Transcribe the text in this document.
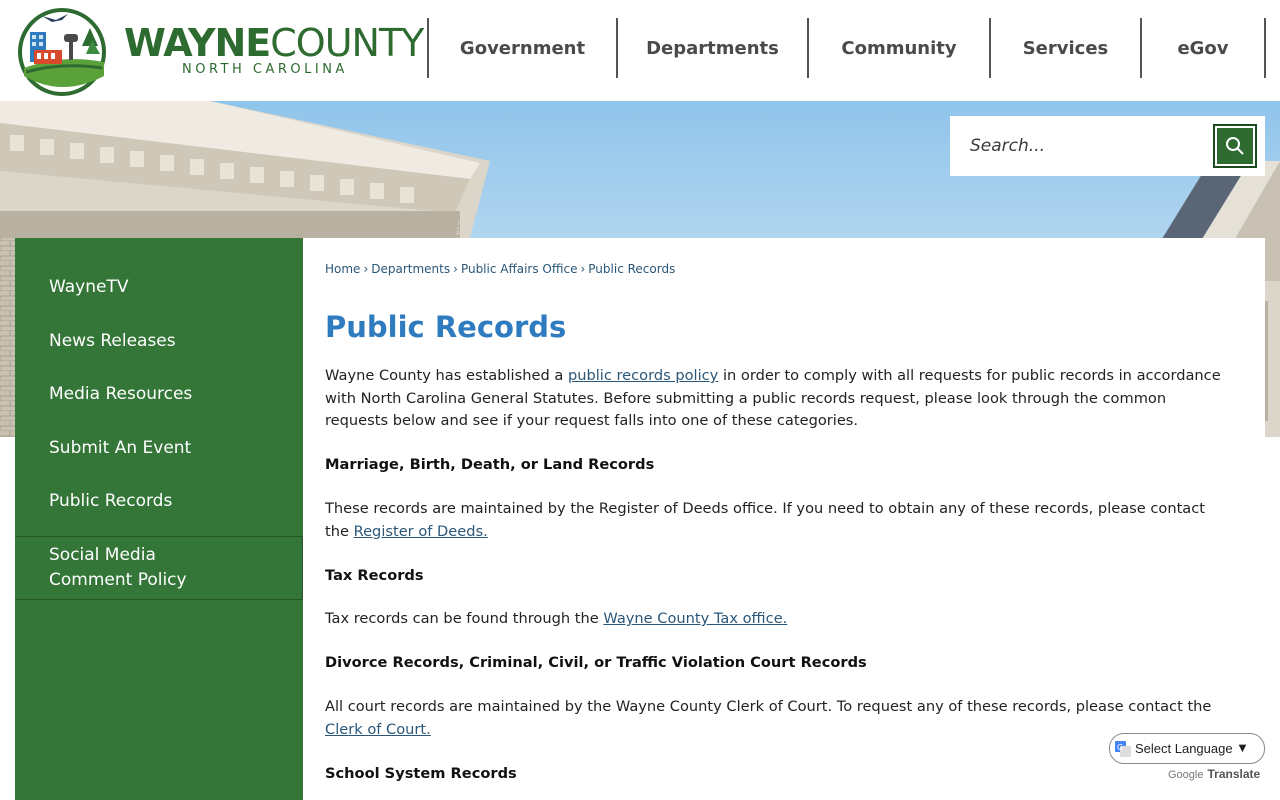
WAYNECOUNTY
NORTH CAROLINA
Government	Departments	Community	Services	eGov
Search...
WayneTV
News Releases
Media Resources
Submit An Event
Public Records
Social Media Comment Policy
Home › Departments › Public Affairs Office › Public Records
Public Records

Wayne County has established a public records policy in order to comply with all requests for public records in accordance with North Carolina General Statutes. Before submitting a public records request, please look through the common requests below and see if your request falls into one of these categories.

Marriage, Birth, Death, or Land Records

These records are maintained by the Register of Deeds office. If you need to obtain any of these records, please contact the Register of Deeds.

Tax Records

Tax records can be found through the Wayne County Tax office.

Divorce Records, Criminal, Civil, or Traffic Violation Court Records

All court records are maintained by the Wayne County Clerk of Court. To request any of these records, please contact the Clerk of Court.

School System Records
G Select Language ▼
Google Translate
